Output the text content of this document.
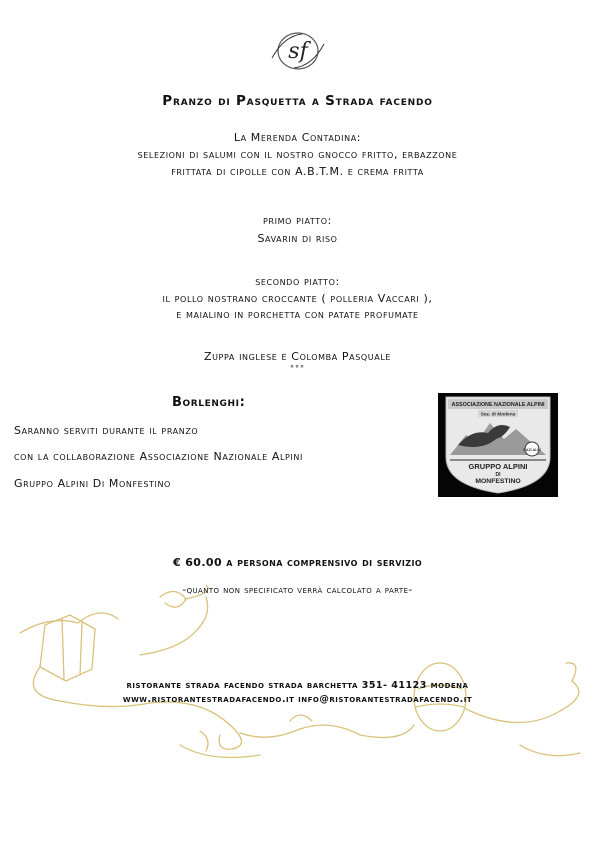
sf
Pranzo di Pasquetta a Strada facendo
La Merenda Contadina:
selezioni di salumi con il nostro gnocco fritto, erbazzone
frittata di cipolle con A.B.T.M. e crema fritta
primo piatto:
Savarin di riso
secondo piatto:
il pollo nostrano croccante ( polleria Vaccari ),
e maialino in porchetta con patate profumate
Zuppa inglese e Colomba Pasquale
°°°
Borlenghi:
Saranno serviti durante il pranzo
con la collaborazione Associazione Nazionale Alpini
Gruppo Alpini Di Monfestino
ASSOCIAZIONE NAZIONALE ALPINI
Sez. di Modena
NAZI ALPI
GRUPPO ALPINI
DI
MONFESTINO
€ 60.00 a persona comprensivo di servizio
-quanto non specificato verrà calcolato a parte-
ristorante strada facendo strada barchetta 351- 41123 modena
www.ristorantestradafacendo.it info@ristorantestradafacendo.it
